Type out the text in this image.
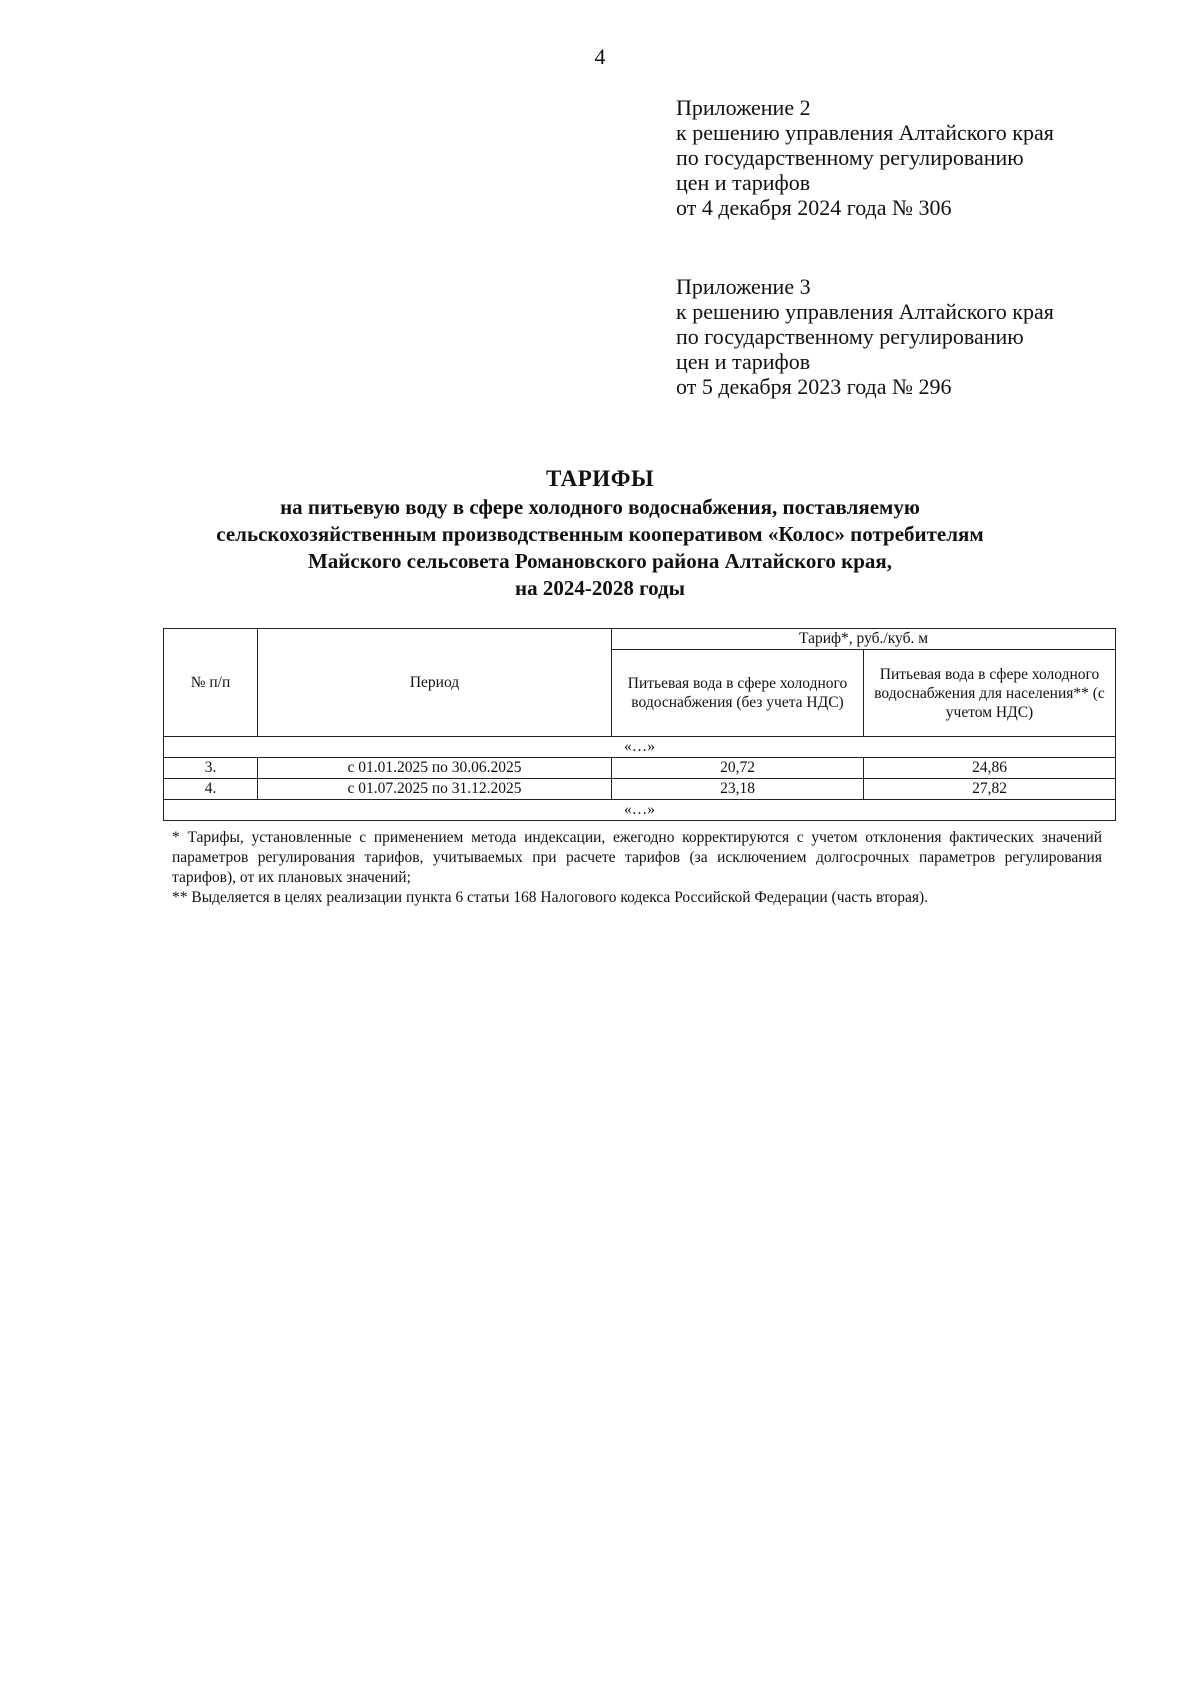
4
Приложение 2
к решению управления Алтайского края
по государственному регулированию
цен и тарифов
от 4 декабря 2024 года № 306
Приложение 3
к решению управления Алтайского края
по государственному регулированию
цен и тарифов
от 5 декабря 2023 года № 296
ТАРИФЫ
на питьевую воду в сфере холодного водоснабжения, поставляемую
сельскохозяйственным производственным кооперативом «Колос» потребителям
Майского сельсовета Романовского района Алтайского края,
на 2024-2028 годы
№ п/п	Период	Тариф*, руб./куб. м	
		Питьевая вода в сфере холодного водоснабжения (без учета НДС)	Питьевая вода в сфере холодного водоснабжения для населения** (с учетом НДС)
«…»			
3.	с 01.01.2025 по 30.06.2025	20,72	24,86
4.	с 01.07.2025 по 31.12.2025	23,18	27,82
«…»			

* Тарифы, установленные с применением метода индексации, ежегодно корректируются с учетом отклонения фактических значений параметров регулирования тарифов, учитываемых при расчете тарифов (за исключением долгосрочных параметров регулирования тарифов), от их плановых значений;

** Выделяется в целях реализации пункта 6 статьи 168 Налогового кодекса Российской Федерации (часть вторая).
